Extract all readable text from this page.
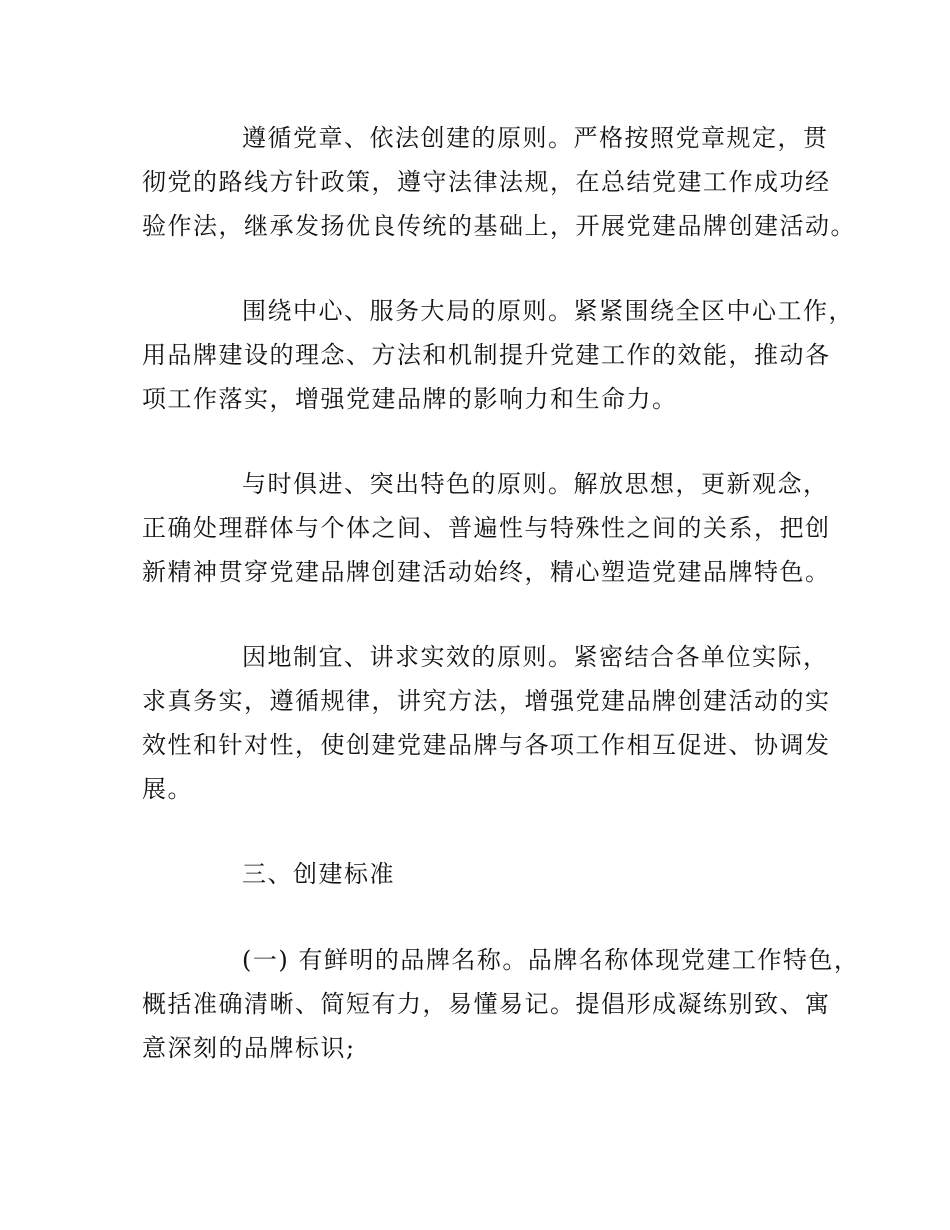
遵循党章、依法创建的原则。严格按照党章规定，贯
彻党的路线方针政策，遵守法律法规，在总结党建工作成功经
验作法，继承发扬优良传统的基础上，开展党建品牌创建活动。

围绕中心、服务大局的原则。紧紧围绕全区中心工作，
用品牌建设的理念、方法和机制提升党建工作的效能，推动各
项工作落实，增强党建品牌的影响力和生命力。

与时俱进、突出特色的原则。解放思想，更新观念，
正确处理群体与个体之间、普遍性与特殊性之间的关系，把创
新精神贯穿党建品牌创建活动始终，精心塑造党建品牌特色。

因地制宜、讲求实效的原则。紧密结合各单位实际，
求真务实，遵循规律，讲究方法，增强党建品牌创建活动的实
效性和针对性，使创建党建品牌与各项工作相互促进、协调发
展。

三、创建标准

(一) 有鲜明的品牌名称。品牌名称体现党建工作特色，
概括准确清晰、简短有力，易懂易记。提倡形成凝练别致、寓
意深刻的品牌标识;
